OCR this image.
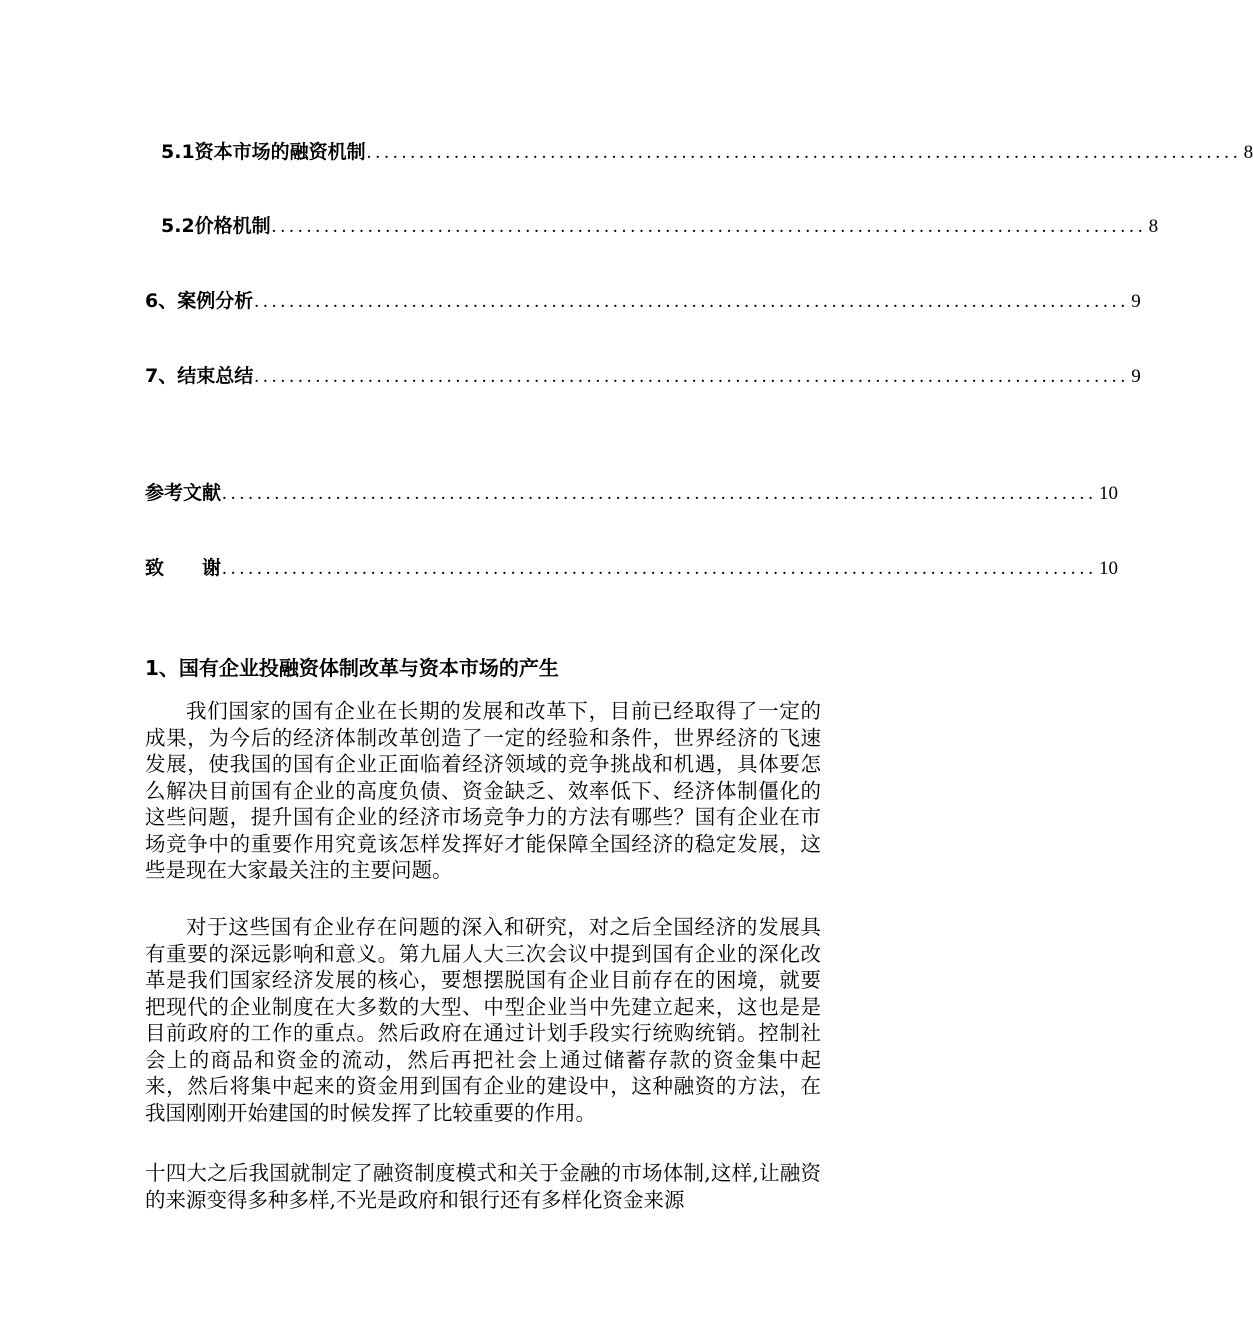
5.1资本市场的融资机制 .................................................................................................... 8
5.2价格机制 .................................................................................................... 8
6、案例分析 .................................................................................................... 9
7、结束总结 .................................................................................................... 9
参考文献 .................................................................................................... 10
致　　谢 .................................................................................................... 10
1、国有企业投融资体制改革与资本市场的产生

我们国家的国有企业在长期的发展和改革下，目前已经取得了一定的成果，为今后的经济体制改革创造了一定的经验和条件，世界经济的飞速发展，使我国的国有企业正面临着经济领域的竞争挑战和机遇，具体要怎么解决目前国有企业的高度负债、资金缺乏、效率低下、经济体制僵化的这些问题，提升国有企业的经济市场竞争力的方法有哪些？国有企业在市场竞争中的重要作用究竟该怎样发挥好才能保障全国经济的稳定发展，这些是现在大家最关注的主要问题。

对于这些国有企业存在问题的深入和研究，对之后全国经济的发展具有重要的深远影响和意义。第九届人大三次会议中提到国有企业的深化改革是我们国家经济发展的核心，要想摆脱国有企业目前存在的困境，就要把现代的企业制度在大多数的大型、中型企业当中先建立起来，这也是是目前政府的工作的重点。然后政府在通过计划手段实行统购统销。控制社会上的商品和资金的流动，然后再把社会上通过储蓄存款的资金集中起来，然后将集中起来的资金用到国有企业的建设中，这种融资的方法，在我国刚刚开始建国的时候发挥了比较重要的作用。

十四大之后我国就制定了融资制度模式和关于金融的市场体制,这样,让融资的来源变得多种多样,不光是政府和银行还有多样化资金来源
